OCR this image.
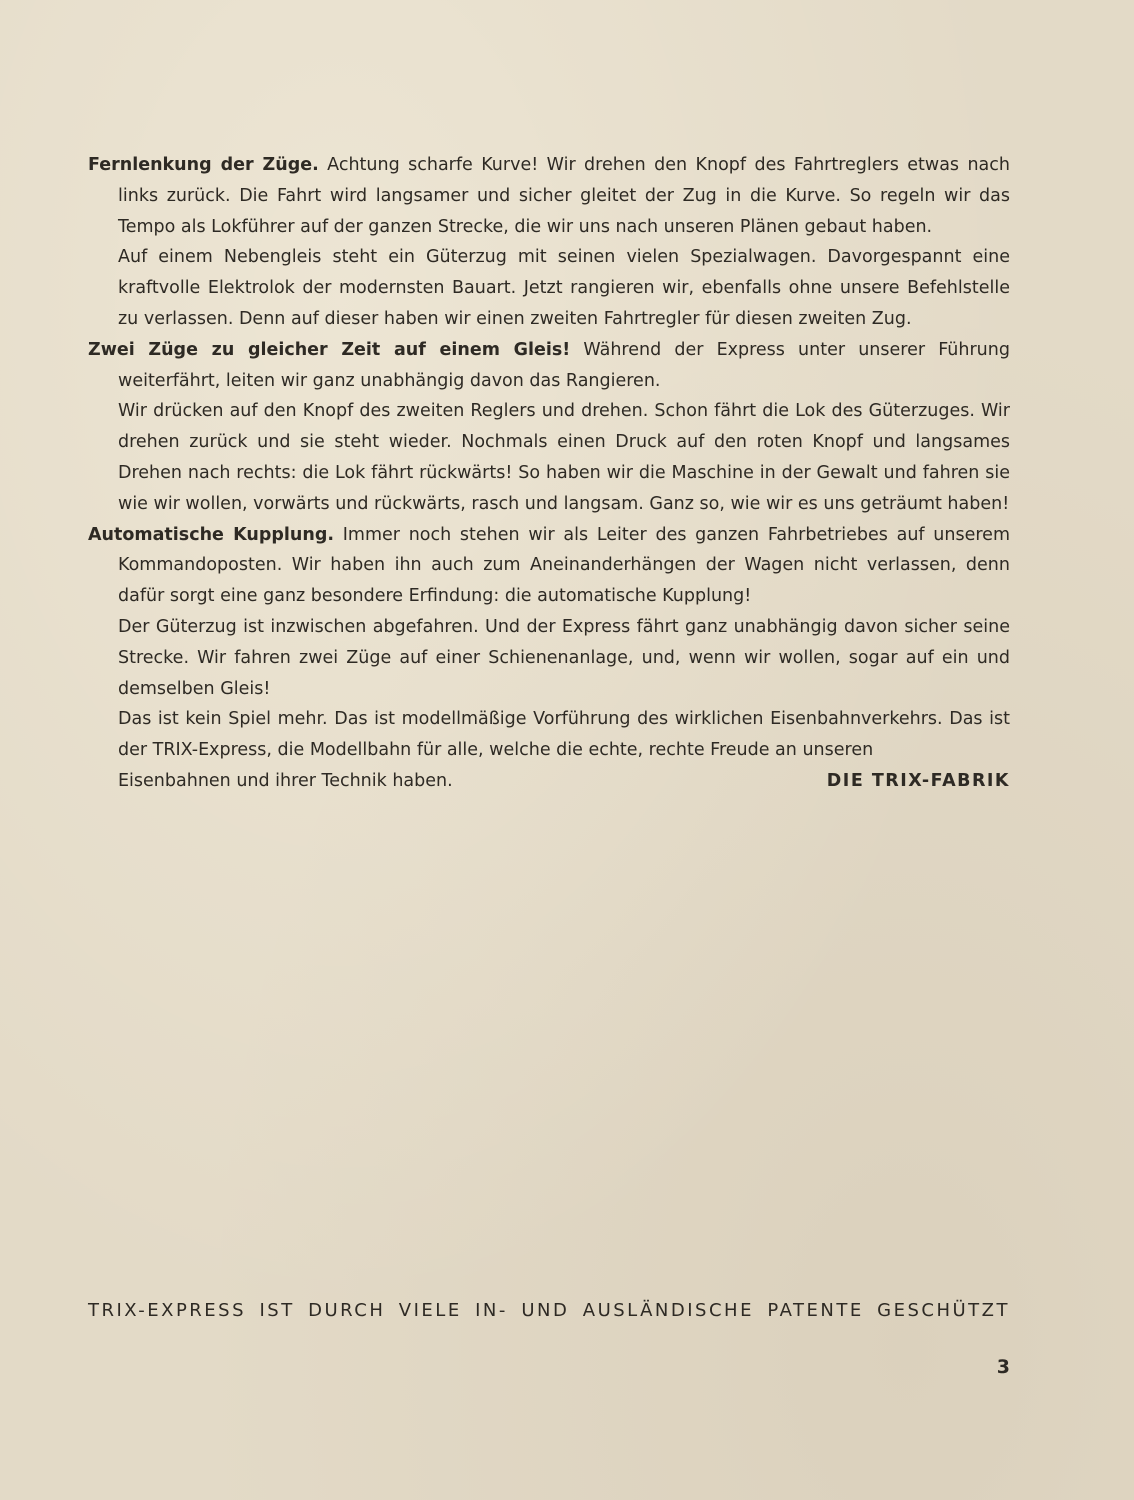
Fernlenkung der Züge. Achtung scharfe Kurve! Wir drehen den Knopf des Fahrtreglers etwas nach links zurück. Die Fahrt wird langsamer und sicher gleitet der Zug in die Kurve. So regeln wir das Tempo als Lokführer auf der ganzen Strecke, die wir uns nach unseren Plänen gebaut haben.

Auf einem Nebengleis steht ein Güterzug mit seinen vielen Spezialwagen. Davorgespannt eine kraftvolle Elektrolok der modernsten Bauart. Jetzt rangieren wir, ebenfalls ohne unsere Befehlstelle zu verlassen. Denn auf dieser haben wir einen zweiten Fahrtregler für diesen zweiten Zug.

Zwei Züge zu gleicher Zeit auf einem Gleis! Während der Express unter unserer Führung weiterfährt, leiten wir ganz unabhängig davon das Rangieren.

Wir drücken auf den Knopf des zweiten Reglers und drehen. Schon fährt die Lok des Güterzuges. Wir drehen zurück und sie steht wieder. Nochmals einen Druck auf den roten Knopf und langsames Drehen nach rechts: die Lok fährt rückwärts! So haben wir die Maschine in der Gewalt und fahren sie wie wir wollen, vorwärts und rückwärts, rasch und langsam. Ganz so, wie wir es uns geträumt haben!

Automatische Kupplung. Immer noch stehen wir als Leiter des ganzen Fahrbetriebes auf unserem Kommandoposten. Wir haben ihn auch zum Aneinanderhängen der Wagen nicht verlassen, denn dafür sorgt eine ganz besondere Erfindung: die automatische Kupplung!

Der Güterzug ist inzwischen abgefahren. Und der Express fährt ganz unabhängig davon sicher seine Strecke. Wir fahren zwei Züge auf einer Schienenanlage, und, wenn wir wollen, sogar auf ein und demselben Gleis!

Das ist kein Spiel mehr. Das ist modellmäßige Vorführung des wirklichen Eisenbahnverkehrs. Das ist der TRIX-Express, die Modellbahn für alle, welche die echte, rechte Freude an unseren

Eisenbahnen und ihrer Technik haben.	DIE TRIX-FABRIK
TRIX-EXPRESS IST DURCH VIELE IN- UND AUSLÄNDISCHE PATENTE GESCHÜTZT
3
